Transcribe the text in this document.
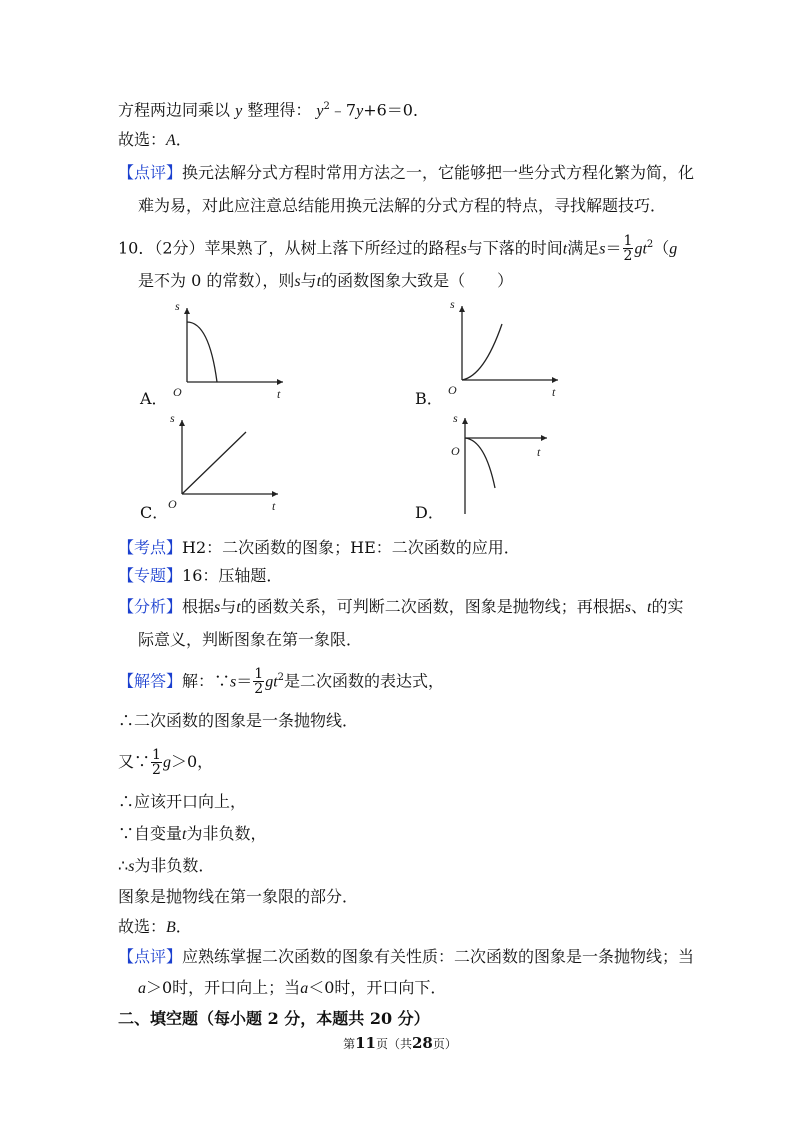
方程两边同乘以 y 整理得： $y^2﹣7y+6=0$．
故选：A．
【点评】换元法解分式方程时常用方法之一，它能够把一些分式方程化繁为简，化
难为易，对此应注意总结能用换元法解的分式方程的特点，寻找解题技巧．
10．（2分）苹果熟了，从树上落下所经过的路程s与下落的时间t满足$s= \frac{1}{2} gt^2(g$
是不为 0 的常数），则s与t的函数图象大致是（　　）
s
t
O
A．
s
t
O
B．
s
t
O
C．
s
t
O
D．
【考点】H2：二次函数的图象；HE：二次函数的应用．
【专题】16：压轴题．
【分析】根据s与t的函数关系，可判断二次函数，图象是抛物线；再根据s、t的实
际意义，判断图象在第一象限．
【解答】解：∵s＝ $\frac{1}{2} gt^2$是二次函数的表达式，
∴二次函数的图象是一条抛物线．
又∵ $\frac{1}{2} g>0$，
∴应该开口向上，
∵自变量t为非负数，
∴s为非负数．
图象是抛物线在第一象限的部分．
故选：B．
【点评】应熟练掌握二次函数的图象有关性质：二次函数的图象是一条抛物线；当
a＞0时，开口向上；当a＜0时，开口向下．
二、填空题（每小题 2 分，本题共 20 分）
第11页（共28页）
